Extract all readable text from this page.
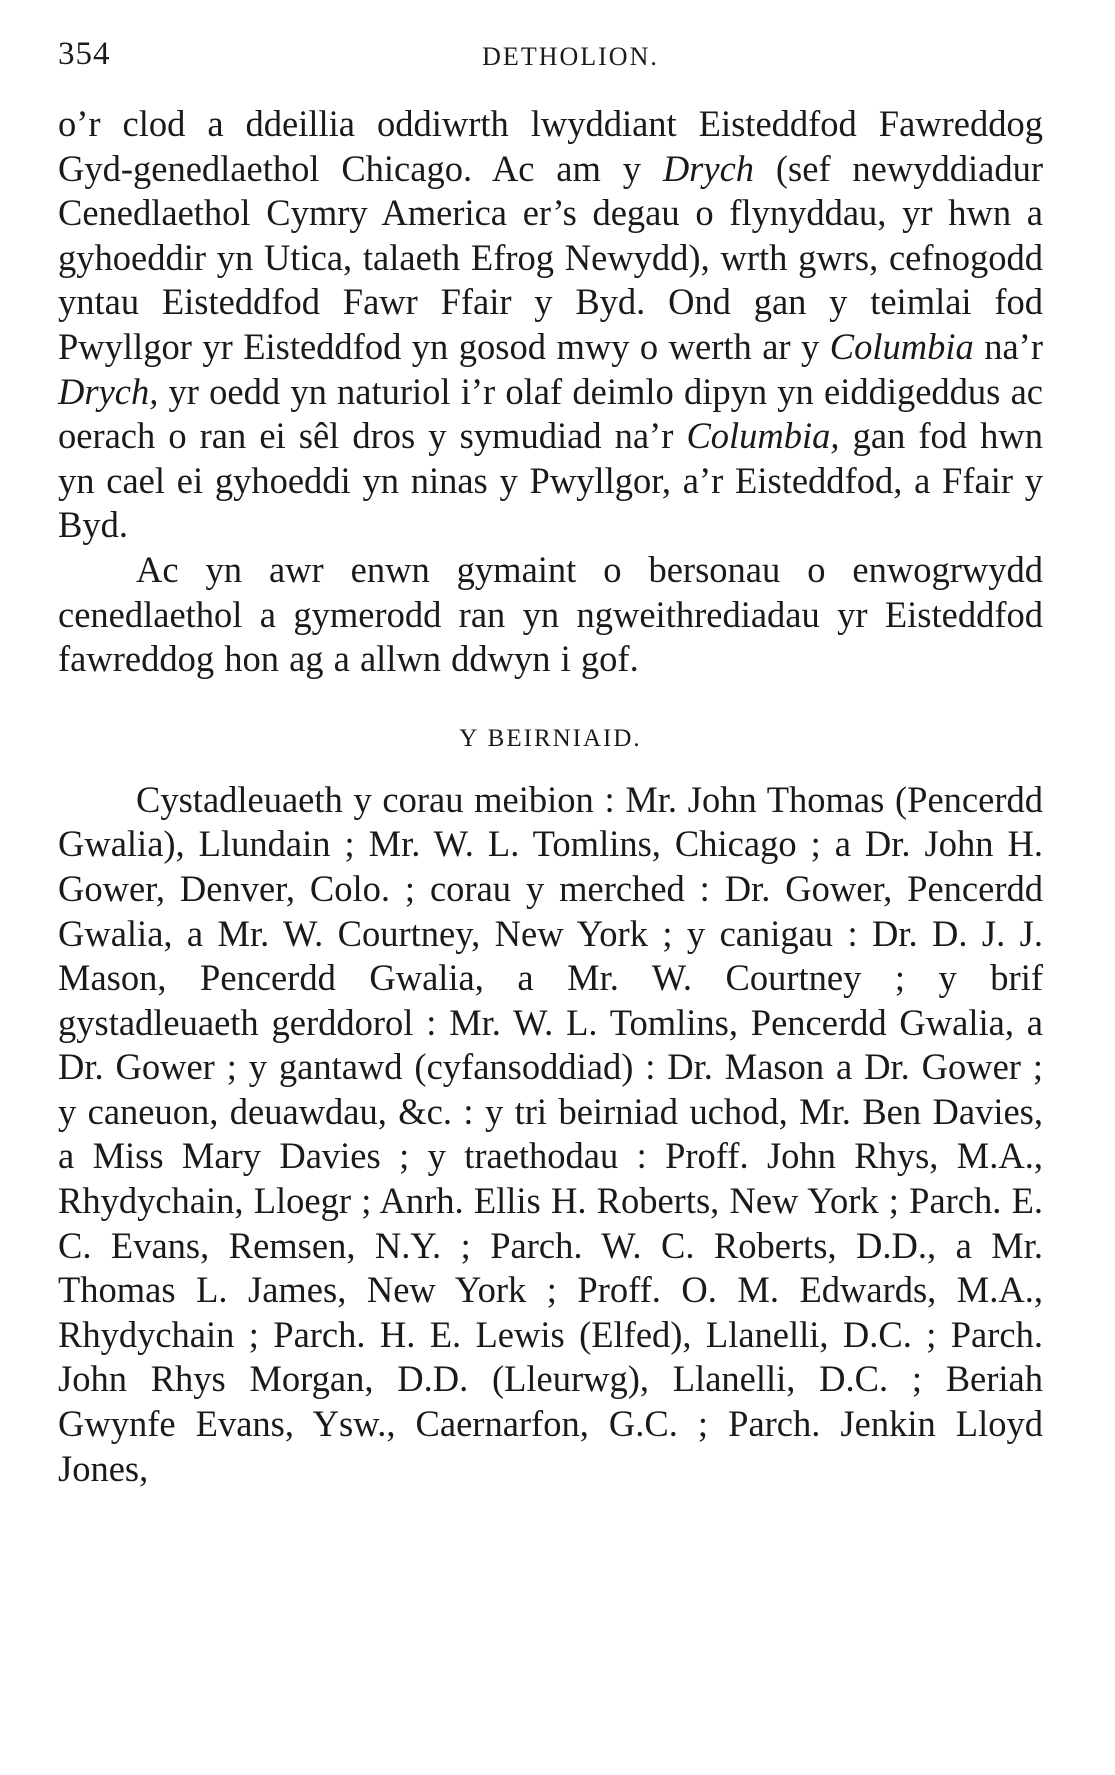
354	DETHOLION.

o’r clod a ddeillia oddiwrth lwyddiant Eisteddfod Fawreddog Gyd-genedlaethol Chicago. Ac am y Drych (sef newyddiadur Cenedlaethol Cymry America er’s degau o flynyddau, yr hwn a gyhoeddir yn Utica, talaeth Efrog Newydd), wrth gwrs, cefnogodd yntau Eisteddfod Fawr Ffair y Byd. Ond gan y teimlai fod Pwyllgor yr Eisteddfod yn gosod mwy o werth ar y Columbia na’r Drych, yr oedd yn naturiol i’r olaf deimlo dipyn yn eiddigeddus ac oerach o ran ei sêl dros y symudiad na’r Columbia, gan fod hwn yn cael ei gyhoeddi yn ninas y Pwyllgor, a’r Eisteddfod, a Ffair y Byd.

Ac yn awr enwn gymaint o bersonau o enwogrwydd cenedlaethol a gymerodd ran yn ngweithrediadau yr Eisteddfod fawreddog hon ag a allwn ddwyn i gof.

Y BEIRNIAID.

Cystadleuaeth y corau meibion : Mr. John Thomas (Pencerdd Gwalia), Llundain ; Mr. W. L. Tomlins, Chicago ; a Dr. John H. Gower, Denver, Colo. ; corau y merched : Dr. Gower, Pencerdd Gwalia, a Mr. W. Courtney, New York ; y canigau : Dr. D. J. J. Mason, Pencerdd Gwalia, a Mr. W. Courtney ; y brif gystadleuaeth gerddorol : Mr. W. L. Tomlins, Pencerdd Gwalia, a Dr. Gower ; y gantawd (cyfansoddiad) : Dr. Mason a Dr. Gower ; y caneuon, deuawdau, &c. : y tri beirniad uchod, Mr. Ben Davies, a Miss Mary Davies ; y traethodau : Proff. John Rhys, M.A., Rhydychain, Lloegr ; Anrh. Ellis H. Roberts, New York ; Parch. E. C. Evans, Remsen, N.Y. ; Parch. W. C. Roberts, D.D., a Mr. Thomas L. James, New York ; Proff. O. M. Edwards, M.A., Rhydychain ; Parch. H. E. Lewis (Elfed), Llanelli, D.C. ; Parch. John Rhys Morgan, D.D. (Lleurwg), Llanelli, D.C. ; Beriah Gwynfe Evans, Ysw., Caernarfon, G.C. ; Parch. Jenkin Lloyd Jones,
